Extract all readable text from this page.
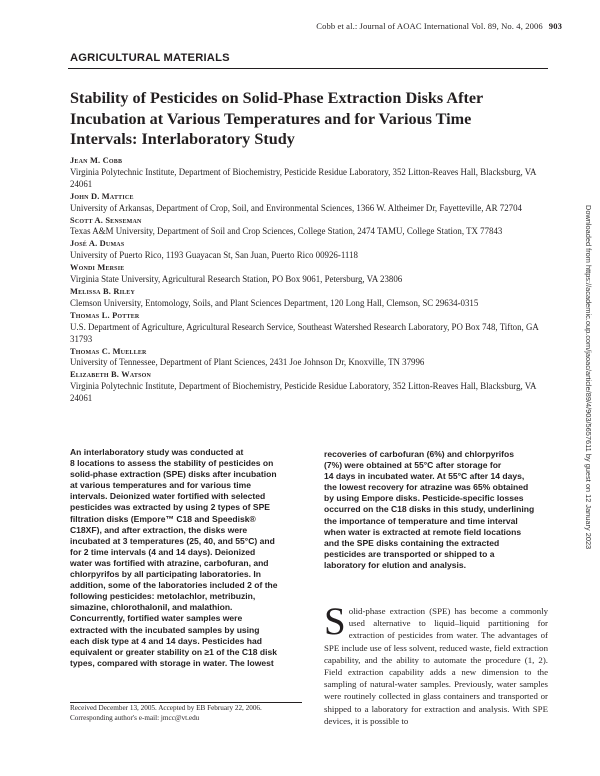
Cobb et al.: Journal of AOAC International Vol. 89, No. 4, 2006 903
AGRICULTURAL MATERIALS
Stability of Pesticides on Solid-Phase Extraction Disks After
Incubation at Various Temperatures and for Various Time
Intervals: Interlaboratory Study
Jean M. Cobb
Virginia Polytechnic Institute, Department of Biochemistry, Pesticide Residue Laboratory, 352 Litton-Reaves Hall, Blacksburg, VA 24061
John D. Mattice
University of Arkansas, Department of Crop, Soil, and Environmental Sciences, 1366 W. Altheimer Dr, Fayetteville, AR 72704
Scott A. Senseman
Texas A&M University, Department of Soil and Crop Sciences, College Station, 2474 TAMU, College Station, TX 77843
José A. Dumas
University of Puerto Rico, 1193 Guayacan St, San Juan, Puerto Rico 00926-1118
Wondi Mersie
Virginia State University, Agricultural Research Station, PO Box 9061, Petersburg, VA 23806
Melissa B. Riley
Clemson University, Entomology, Soils, and Plant Sciences Department, 120 Long Hall, Clemson, SC 29634-0315
Thomas L. Potter
U.S. Department of Agriculture, Agricultural Research Service, Southeast Watershed Research Laboratory, PO Box 748, Tifton, GA 31793
Thomas C. Mueller
University of Tennessee, Department of Plant Sciences, 2431 Joe Johnson Dr, Knoxville, TN 37996
Elizabeth B. Watson
Virginia Polytechnic Institute, Department of Biochemistry, Pesticide Residue Laboratory, 352 Litton-Reaves Hall, Blacksburg, VA 24061
An interlaboratory study was conducted at
8 locations to assess the stability of pesticides on
solid-phase extraction (SPE) disks after incubation
at various temperatures and for various time
intervals. Deionized water fortified with selected
pesticides was extracted by using 2 types of SPE
filtration disks (Empore™ C18 and Speedisk®
C18XF), and after extraction, the disks were
incubated at 3 temperatures (25, 40, and 55°C) and
for 2 time intervals (4 and 14 days). Deionized
water was fortified with atrazine, carbofuran, and
chlorpyrifos by all participating laboratories. In
addition, some of the laboratories included 2 of the
following pesticides: metolachlor, metribuzin,
simazine, chlorothalonil, and malathion.
Concurrently, fortified water samples were
extracted with the incubated samples by using
each disk type at 4 and 14 days. Pesticides had
equivalent or greater stability on ≥1 of the C18 disk
types, compared with storage in water. The lowest
recoveries of carbofuran (6%) and chlorpyrifos
(7%) were obtained at 55°C after storage for
14 days in incubated water. At 55°C after 14 days,
the lowest recovery for atrazine was 65% obtained
by using Empore disks. Pesticide-specific losses
occurred on the C18 disks in this study, underlining
the importance of temperature and time interval
when water is extracted at remote field locations
and the SPE disks containing the extracted
pesticides are transported or shipped to a
laboratory for elution and analysis.
Solid-phase extraction (SPE) has become a commonly used alternative to liquid–liquid partitioning for extraction of pesticides from water. The advantages of SPE include use of less solvent, reduced waste, field extraction capability, and the ability to automate the procedure (1, 2). Field extraction capability adds a new dimension to the sampling of natural-water samples. Previously, water samples were routinely collected in glass containers and transported or shipped to a laboratory for extraction and analysis. With SPE devices, it is possible to
Received December 13, 2005. Accepted by EB February 22, 2006.
Corresponding author's e-mail: jmcc@vt.edu
Downloaded from https://academic.oup.com/jaoac/article/89/4/903/5657611 by guest on 12 January 2023
